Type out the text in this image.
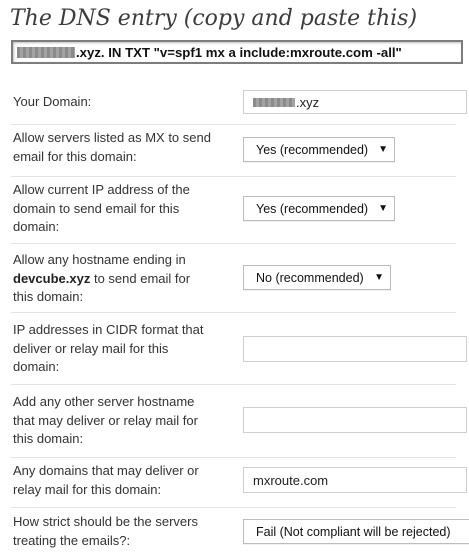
The DNS entry (copy and paste this)
.xyz. IN TXT "v=spf1 mx a include:mxroute.com -all"
Your Domain:	.xyz
Allow servers listed as MX to send email for this domain:	Yes (recommended) ▼
Allow current IP address of the domain to send email for this domain:
Yes (recommended) ▼
Allow any hostname ending in devcube.xyz to send email for this domain:
No (recommended) ▼
IP addresses in CIDR format that deliver or relay mail for this domain:
Add any other server hostname that may deliver or relay mail for this domain:
Any domains that may deliver or relay mail for this domain:
mxroute.com
How strict should be the servers treating the emails?:
Fail (Not compliant will be rejected)
